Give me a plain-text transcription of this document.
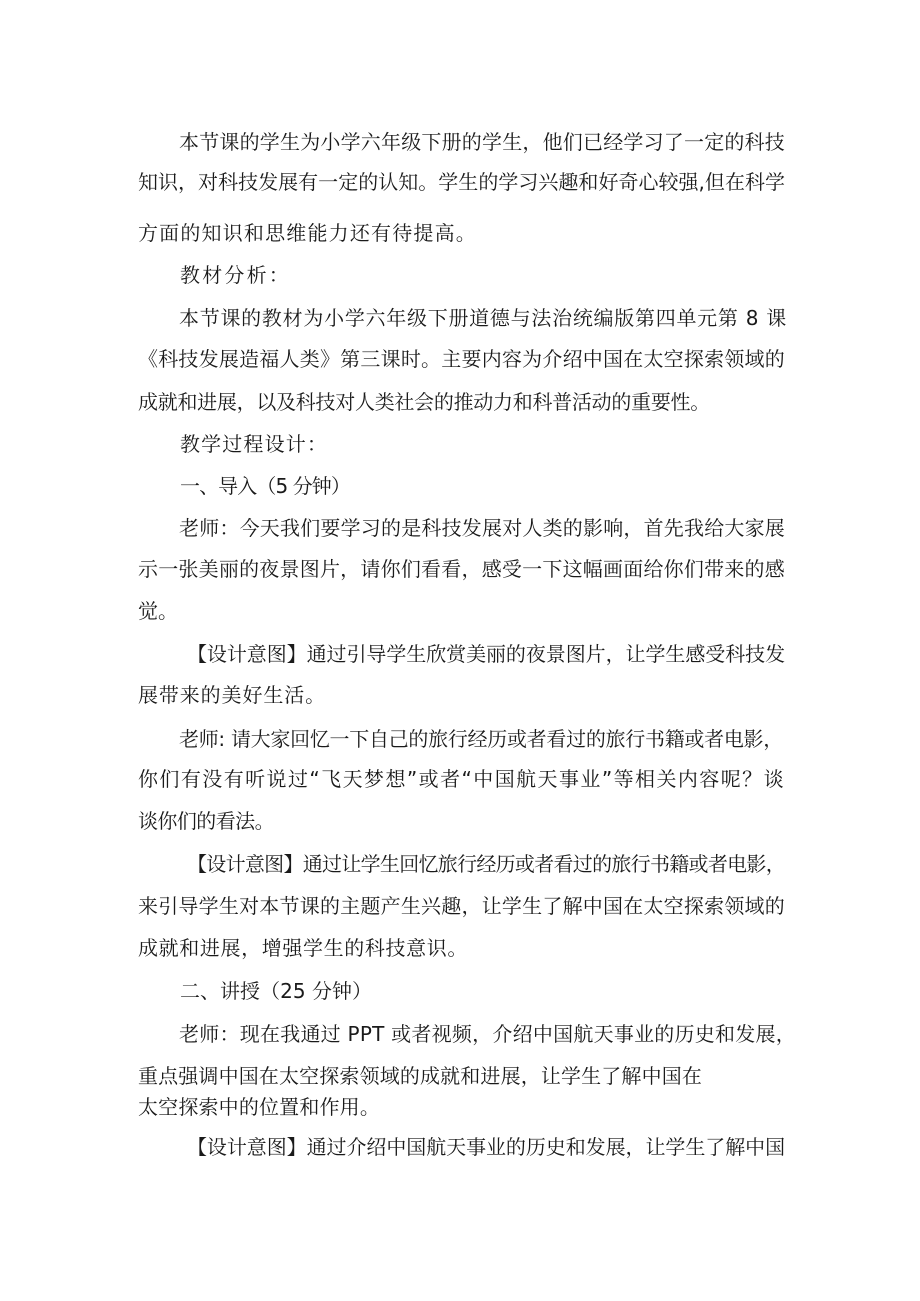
本节课的学生为小学六年级下册的学生，他们已经学习了一定的科技

知识，对科技发展有一定的认知。学生的学习兴趣和好奇心较强,但在科学

方面的知识和思维能力还有待提高。

教材分析：

本节课的教材为小学六年级下册道德与法治统编版第四单元第 8 课

《科技发展造福人类》第三课时。主要内容为介绍中国在太空探索领域的

成就和进展，以及科技对人类社会的推动力和科普活动的重要性。

教学过程设计：

一、导入（5 分钟）

老师：今天我们要学习的是科技发展对人类的影响，首先我给大家展

示一张美丽的夜景图片，请你们看看，感受一下这幅画面给你们带来的感

觉。

【设计意图】通过引导学生欣赏美丽的夜景图片，让学生感受科技发

展带来的美好生活。

老师: 请大家回忆一下自己的旅行经历或者看过的旅行书籍或者电影，

你们有没有听说过“飞天梦想”或者“中国航天事业”等相关内容呢？谈

谈你们的看法。

【设计意图】通过让学生回忆旅行经历或者看过的旅行书籍或者电影，

来引导学生对本节课的主题产生兴趣，让学生了解中国在太空探索领域的

成就和进展，增强学生的科技意识。

二、讲授（25 分钟）

老师：现在我通过 PPT 或者视频，介绍中国航天事业的历史和发展，

重点强调中国在太空探索领域的成就和进展，让学生了解中国在

太空探索中的位置和作用。

【设计意图】通过介绍中国航天事业的历史和发展，让学生了解中国
